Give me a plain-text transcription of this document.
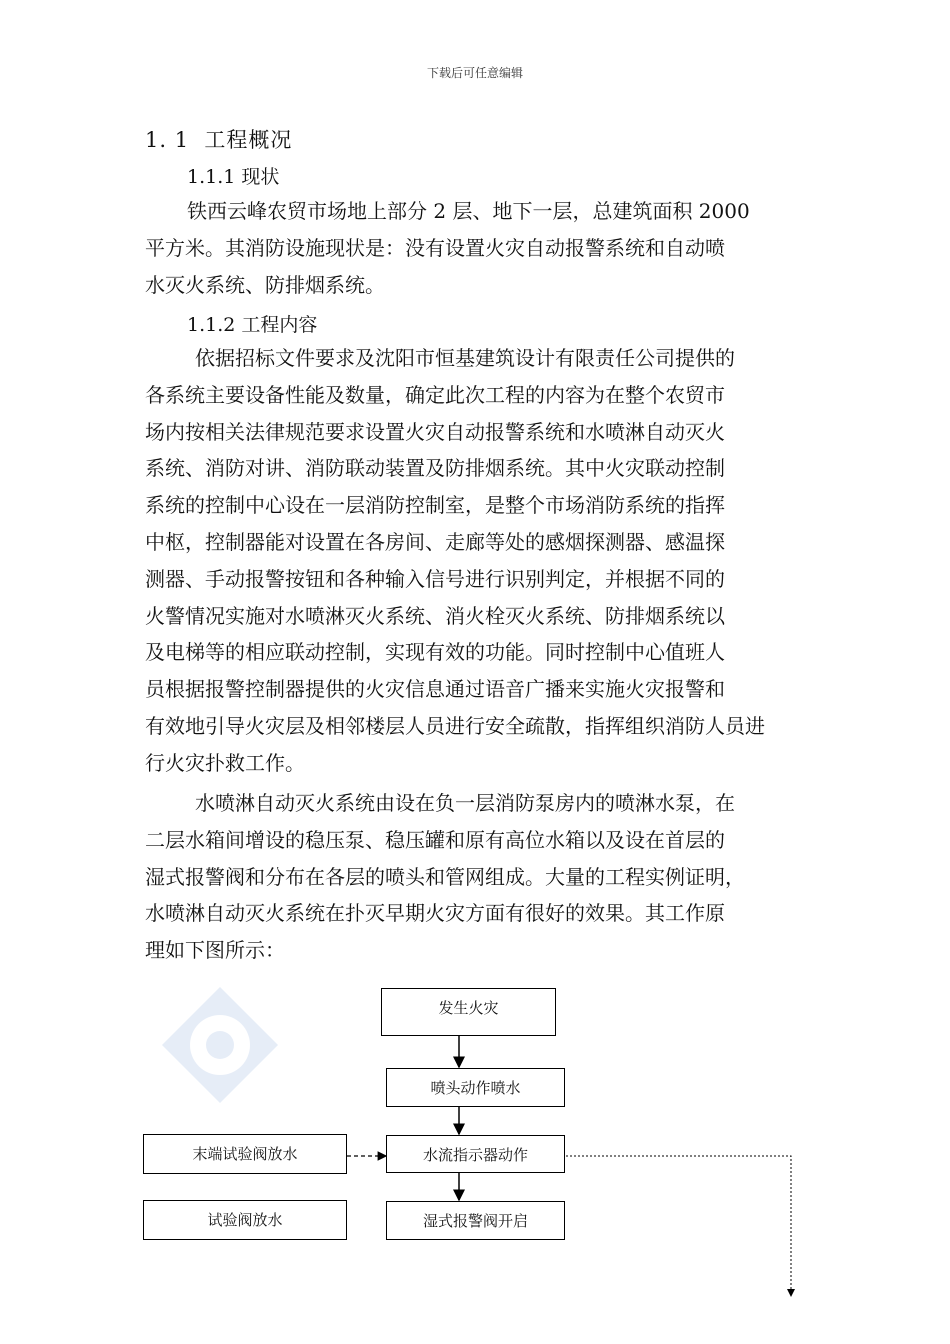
下载后可任意编辑
1. 1  工程概况
1.1.1 现状
铁西云峰农贸市场地上部分 2 层、地下一层，总建筑面积 2000
平方米。其消防设施现状是：没有设置火灾自动报警系统和自动喷
水灭火系统、防排烟系统。
1.1.2 工程内容
依据招标文件要求及沈阳市恒基建筑设计有限责任公司提供的
各系统主要设备性能及数量，确定此次工程的内容为在整个农贸市
场内按相关法律规范要求设置火灾自动报警系统和水喷淋自动灭火
系统、消防对讲、消防联动装置及防排烟系统。其中火灾联动控制
系统的控制中心设在一层消防控制室，是整个市场消防系统的指挥
中枢，控制器能对设置在各房间、走廊等处的感烟探测器、感温探
测器、手动报警按钮和各种输入信号进行识别判定，并根据不同的
火警情况实施对水喷淋灭火系统、消火栓灭火系统、防排烟系统以
及电梯等的相应联动控制，实现有效的功能。同时控制中心值班人
员根据报警控制器提供的火灾信息通过语音广播来实施火灾报警和
有效地引导火灾层及相邻楼层人员进行安全疏散，指挥组织消防人员进
行火灾扑救工作。
水喷淋自动灭火系统由设在负一层消防泵房内的喷淋水泵，在
二层水箱间增设的稳压泵、稳压罐和原有高位水箱以及设在首层的
湿式报警阀和分布在各层的喷头和管网组成。大量的工程实例证明，
水喷淋自动灭火系统在扑灭早期火灾方面有很好的效果。其工作原
理如下图所示：
发生火灾
喷头动作喷水
水流指示器动作
湿式报警阀开启
末端试验阀放水
试验阀放水
